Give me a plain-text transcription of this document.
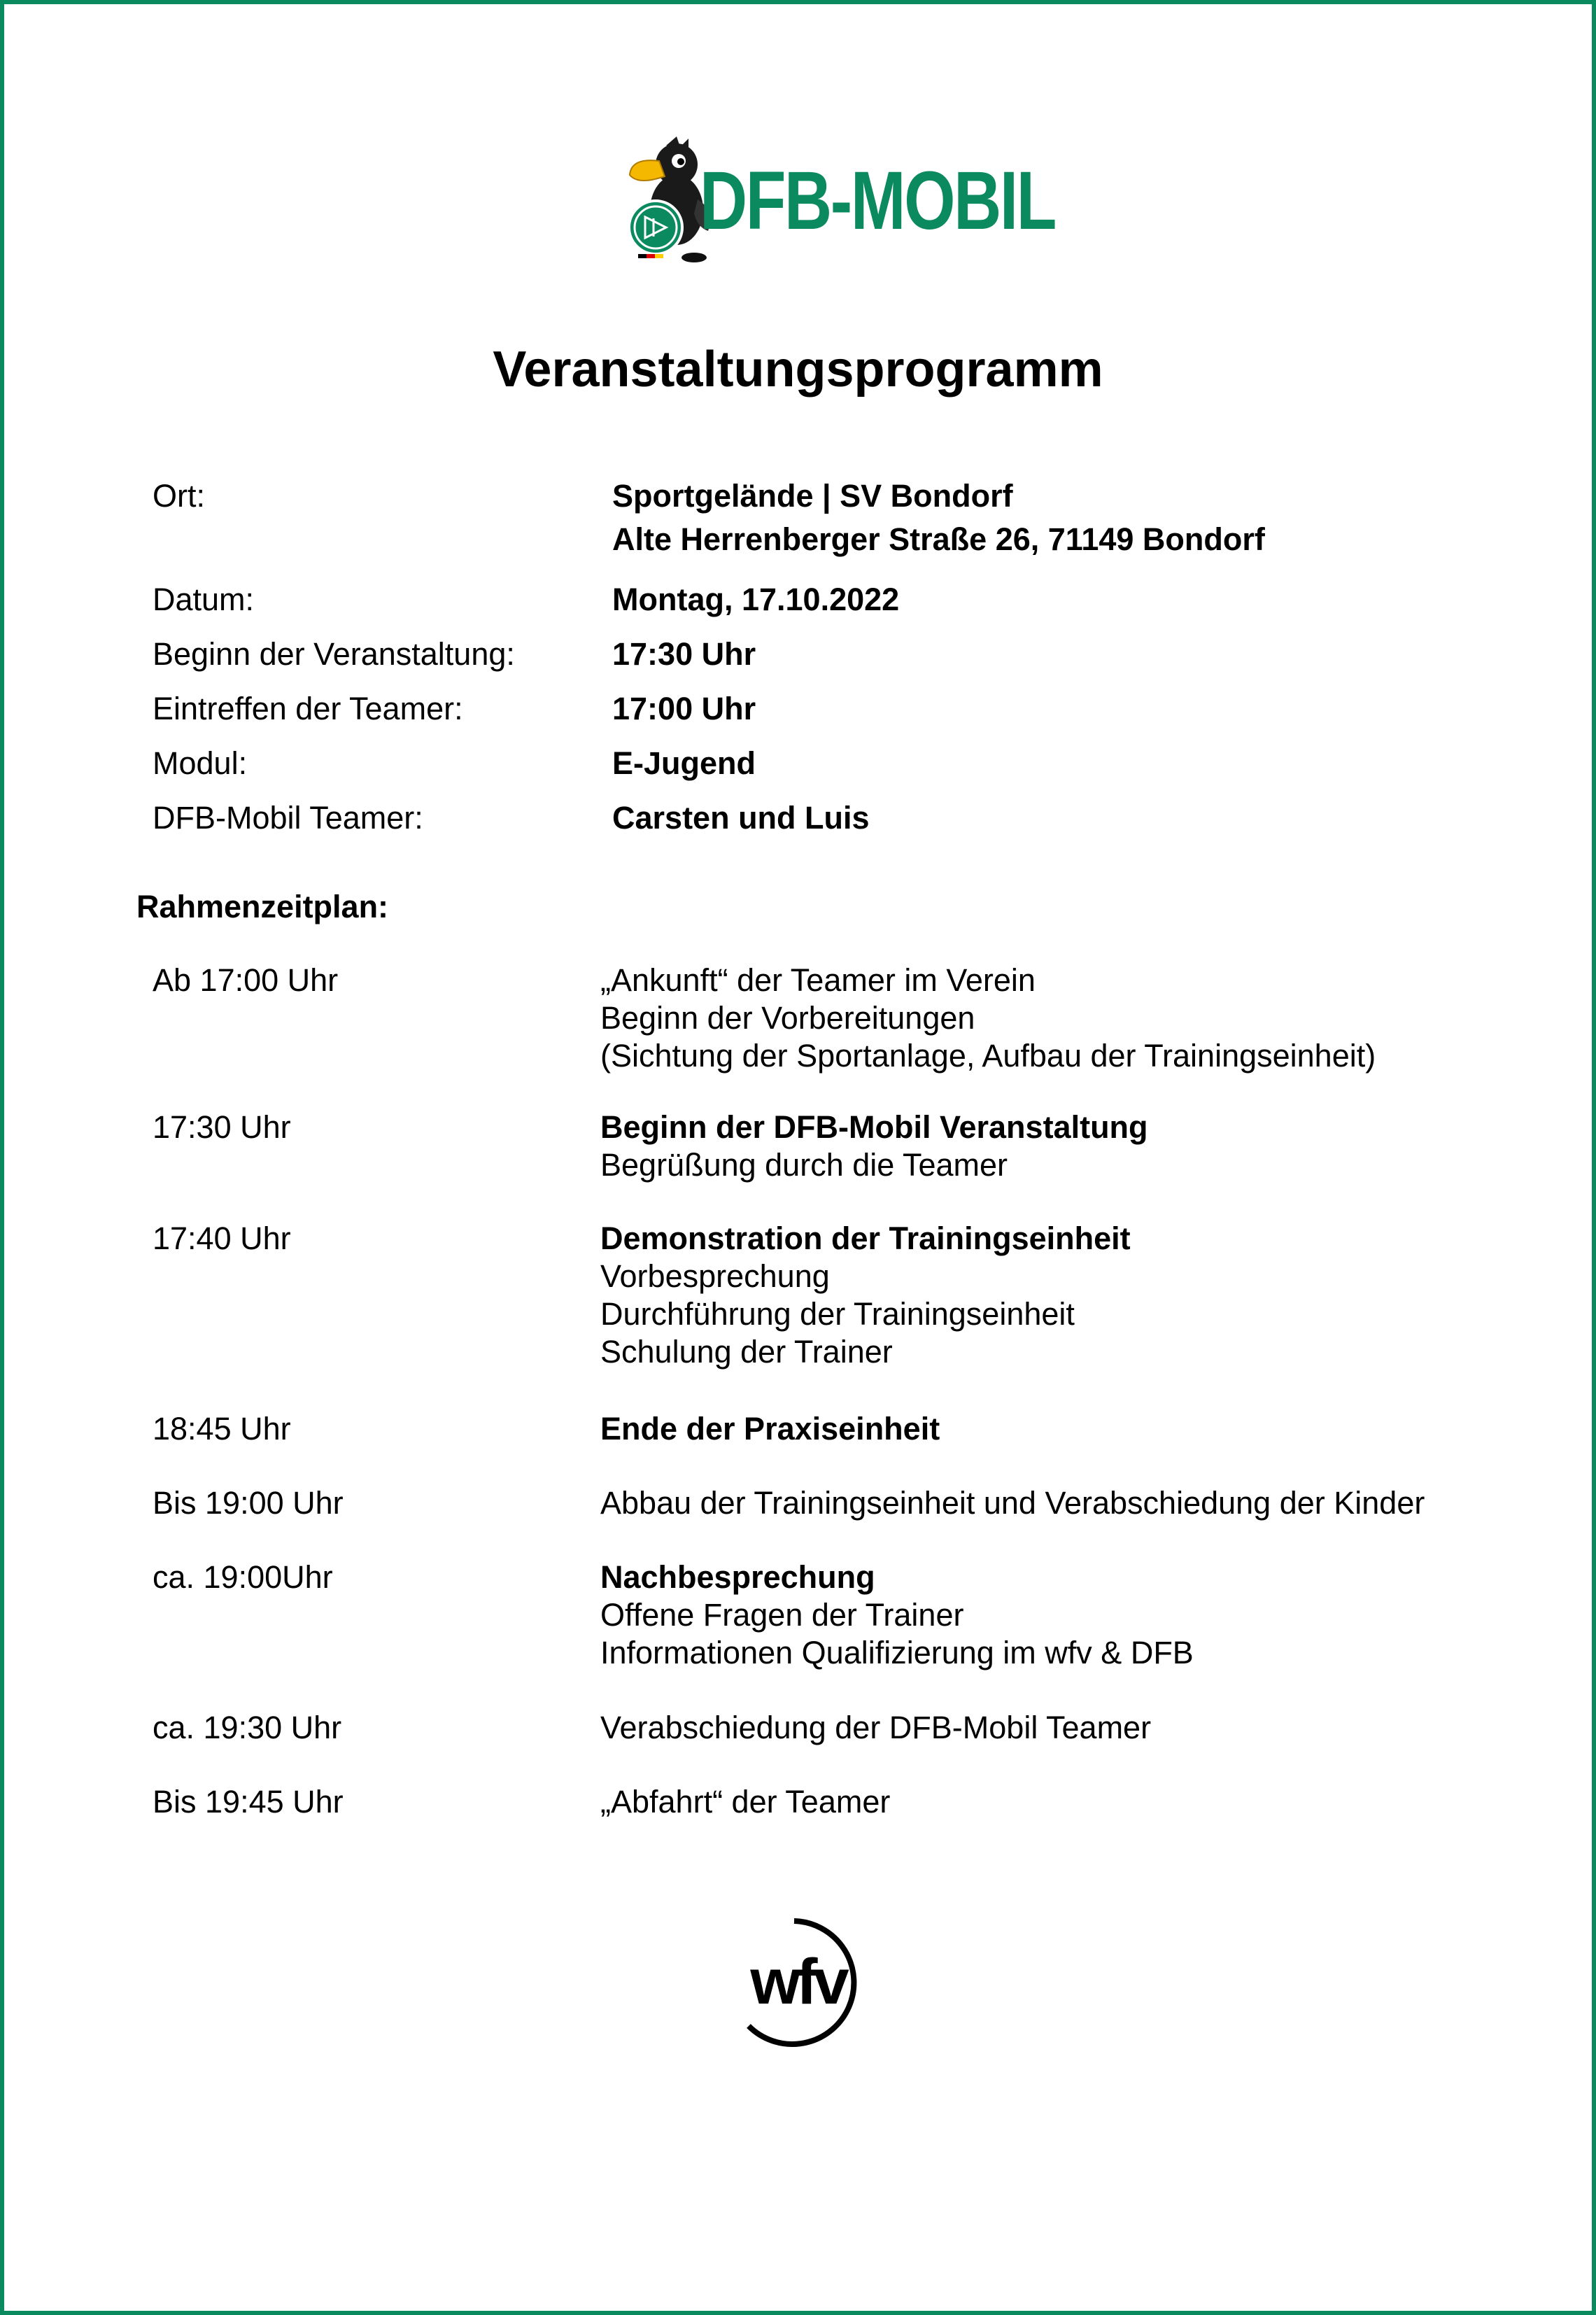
DFB-MOBIL
Veranstaltungsprogramm
Ort:	Sportgelände | SV Bondorf
Alte Herrenberger Straße 26, 71149 Bondorf
Datum:	Montag, 17.10.2022
Beginn der Veranstaltung:	17:30 Uhr
Eintreffen der Teamer:	17:00 Uhr
Modul:	E-Jugend
DFB-Mobil Teamer:	Carsten und Luis
Rahmenzeitplan:
Ab 17:00 Uhr	„Ankunft“ der Teamer im Verein
Beginn der Vorbereitungen
(Sichtung der Sportanlage, Aufbau der Trainingseinheit)
17:30 Uhr	Beginn der DFB-Mobil Veranstaltung
Begrüßung durch die Teamer
17:40 Uhr	Demonstration der Trainingseinheit
Vorbesprechung
Durchführung der Trainingseinheit
Schulung der Trainer
18:45 Uhr	Ende der Praxiseinheit
Bis 19:00 Uhr	Abbau der Trainingseinheit und Verabschiedung der Kinder
ca. 19:00Uhr	Nachbesprechung
Offene Fragen der Trainer
Informationen Qualifizierung im wfv & DFB
ca. 19:30 Uhr	Verabschiedung der DFB-Mobil Teamer
Bis 19:45 Uhr	„Abfahrt“ der Teamer
wfv
